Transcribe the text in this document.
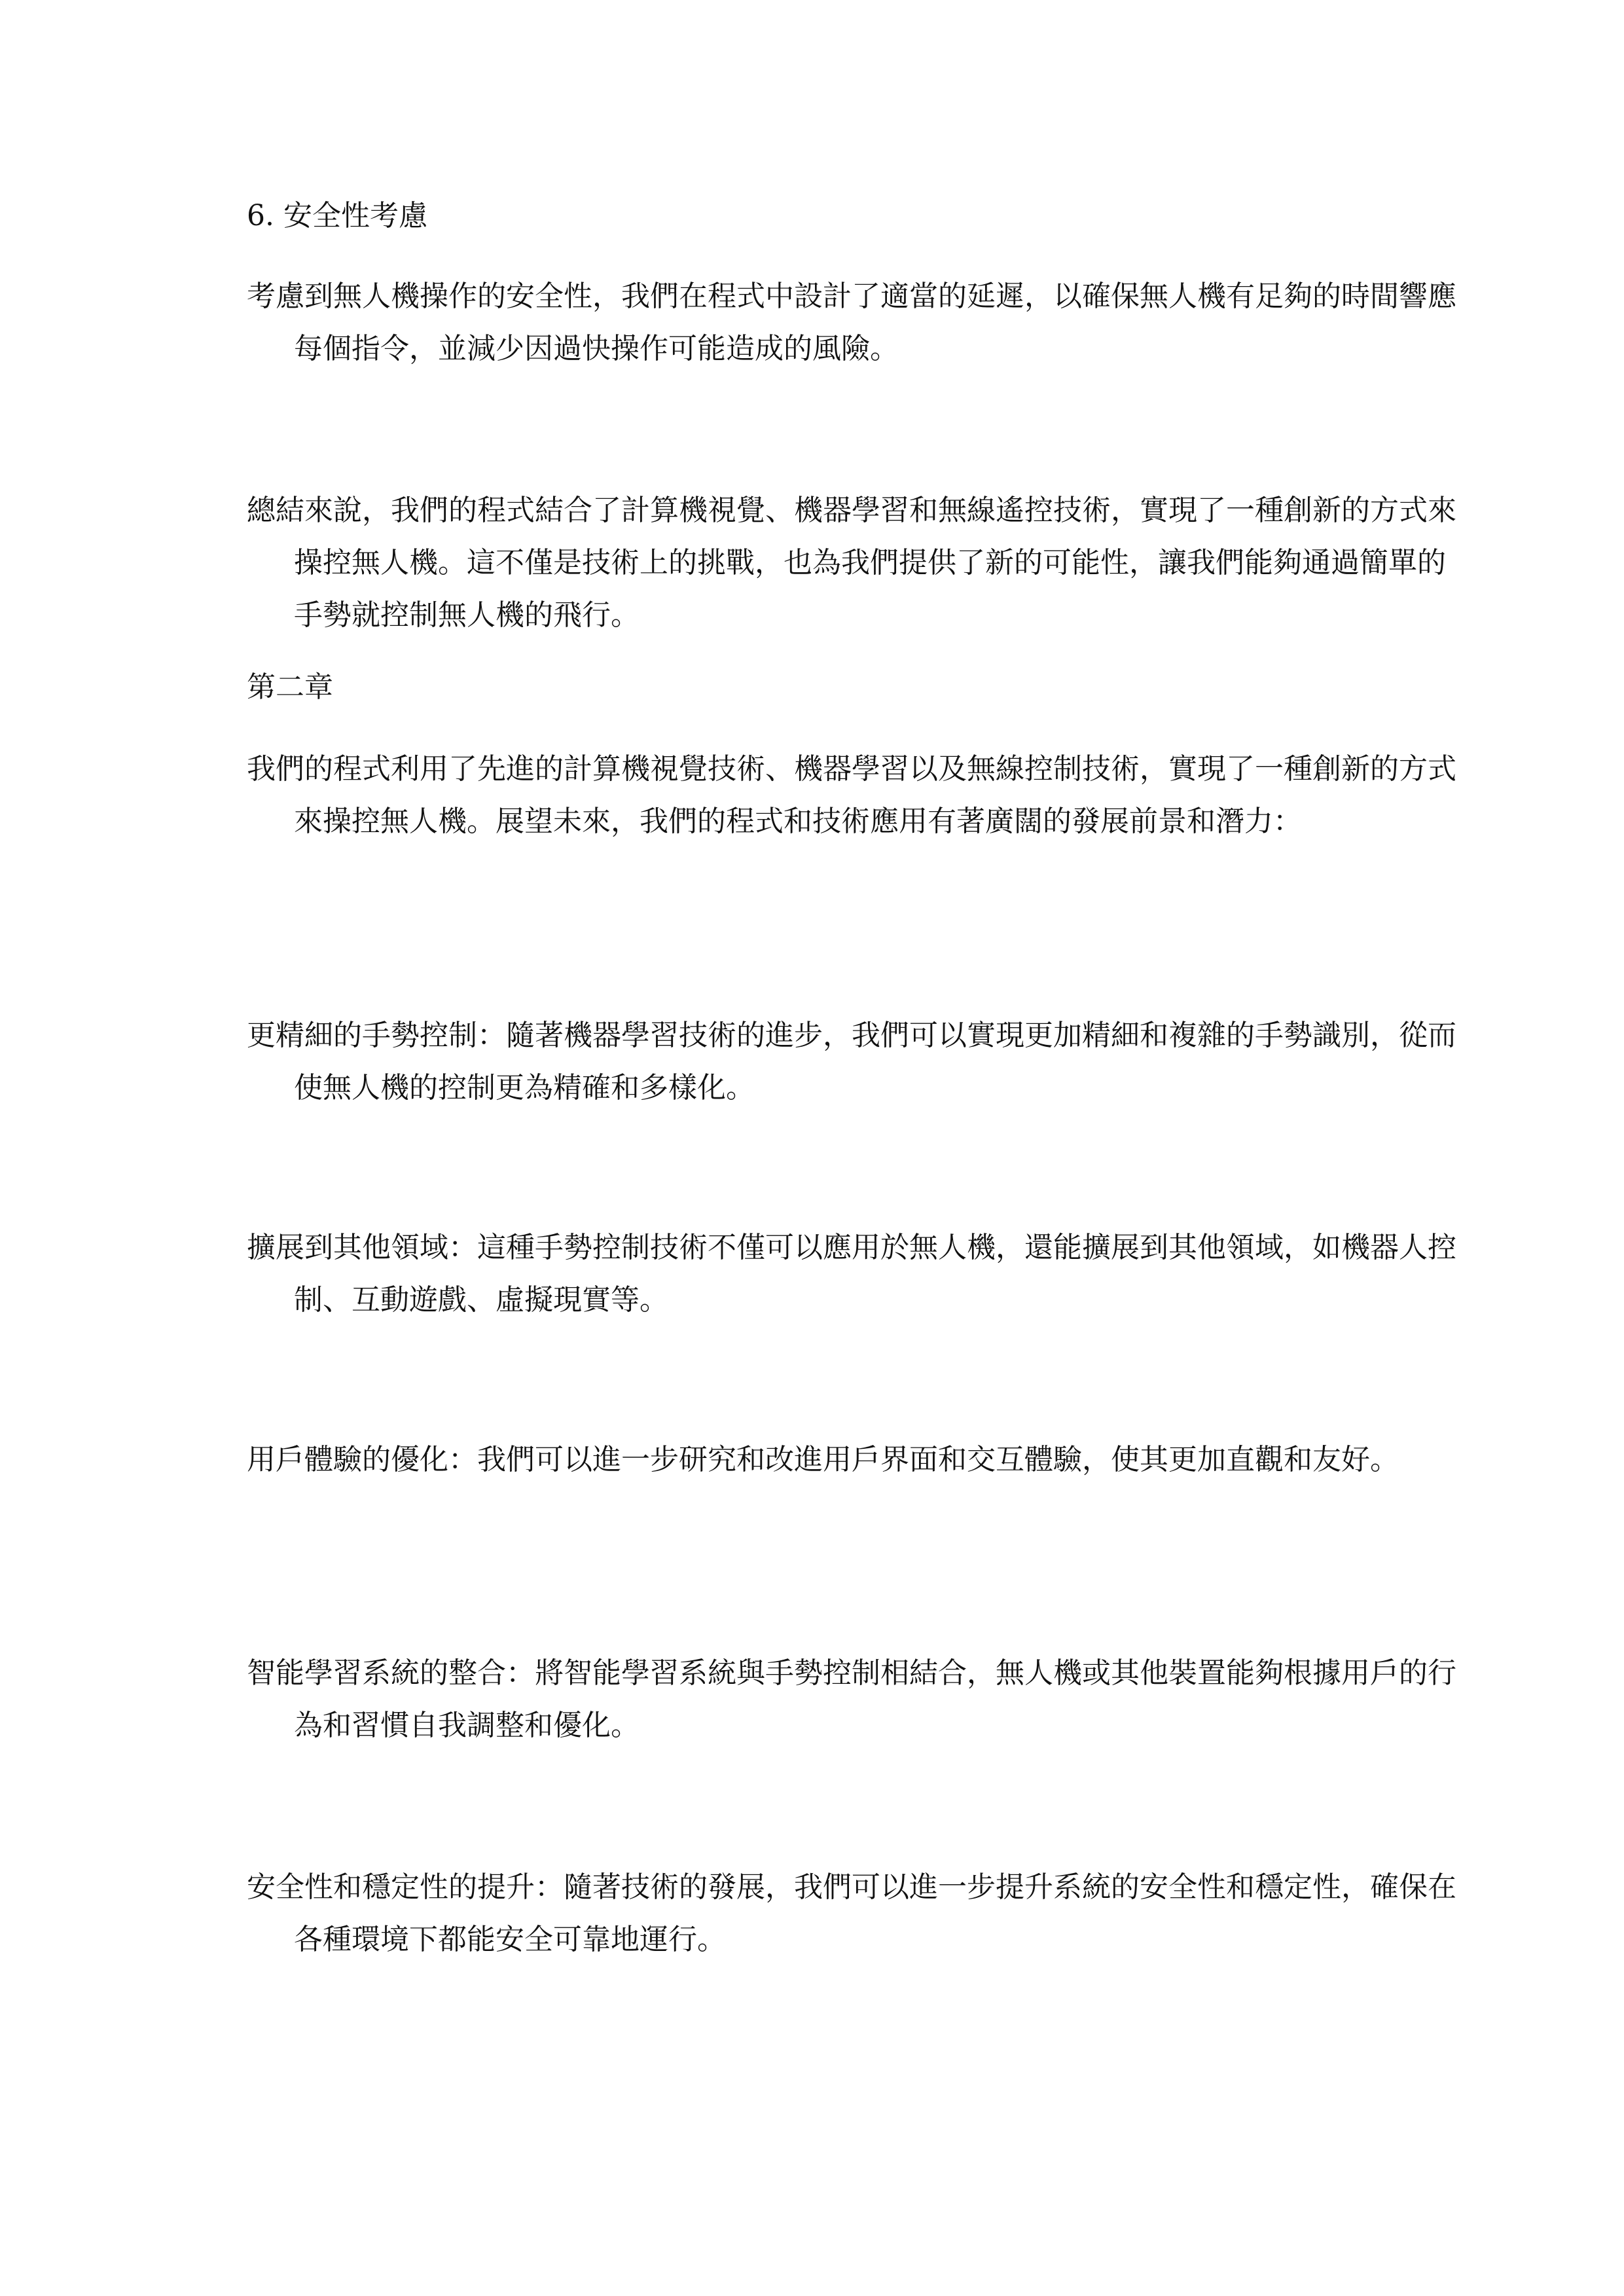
6. 安全性考慮
考慮到無人機操作的安全性，我們在程式中設計了適當的延遲，以確保無人機有足夠的時間響應每個指令，並減少因過快操作可能造成的風險。
總結來說，我們的程式結合了計算機視覺、機器學習和無線遙控技術，實現了一種創新的方式來操控無人機。這不僅是技術上的挑戰，也為我們提供了新的可能性，讓我們能夠通過簡單的手勢就控制無人機的飛行。
第二章
我們的程式利用了先進的計算機視覺技術、機器學習以及無線控制技術，實現了一種創新的方式來操控無人機。展望未來，我們的程式和技術應用有著廣闊的發展前景和潛力：
更精細的手勢控制：隨著機器學習技術的進步，我們可以實現更加精細和複雜的手勢識別，從而使無人機的控制更為精確和多樣化。
擴展到其他領域：這種手勢控制技術不僅可以應用於無人機，還能擴展到其他領域，如機器人控制、互動遊戲、虛擬現實等。
用戶體驗的優化：我們可以進一步研究和改進用戶界面和交互體驗，使其更加直觀和友好。
智能學習系統的整合：將智能學習系統與手勢控制相結合，無人機或其他裝置能夠根據用戶的行為和習慣自我調整和優化。
安全性和穩定性的提升：隨著技術的發展，我們可以進一步提升系統的安全性和穩定性，確保在各種環境下都能安全可靠地運行。
